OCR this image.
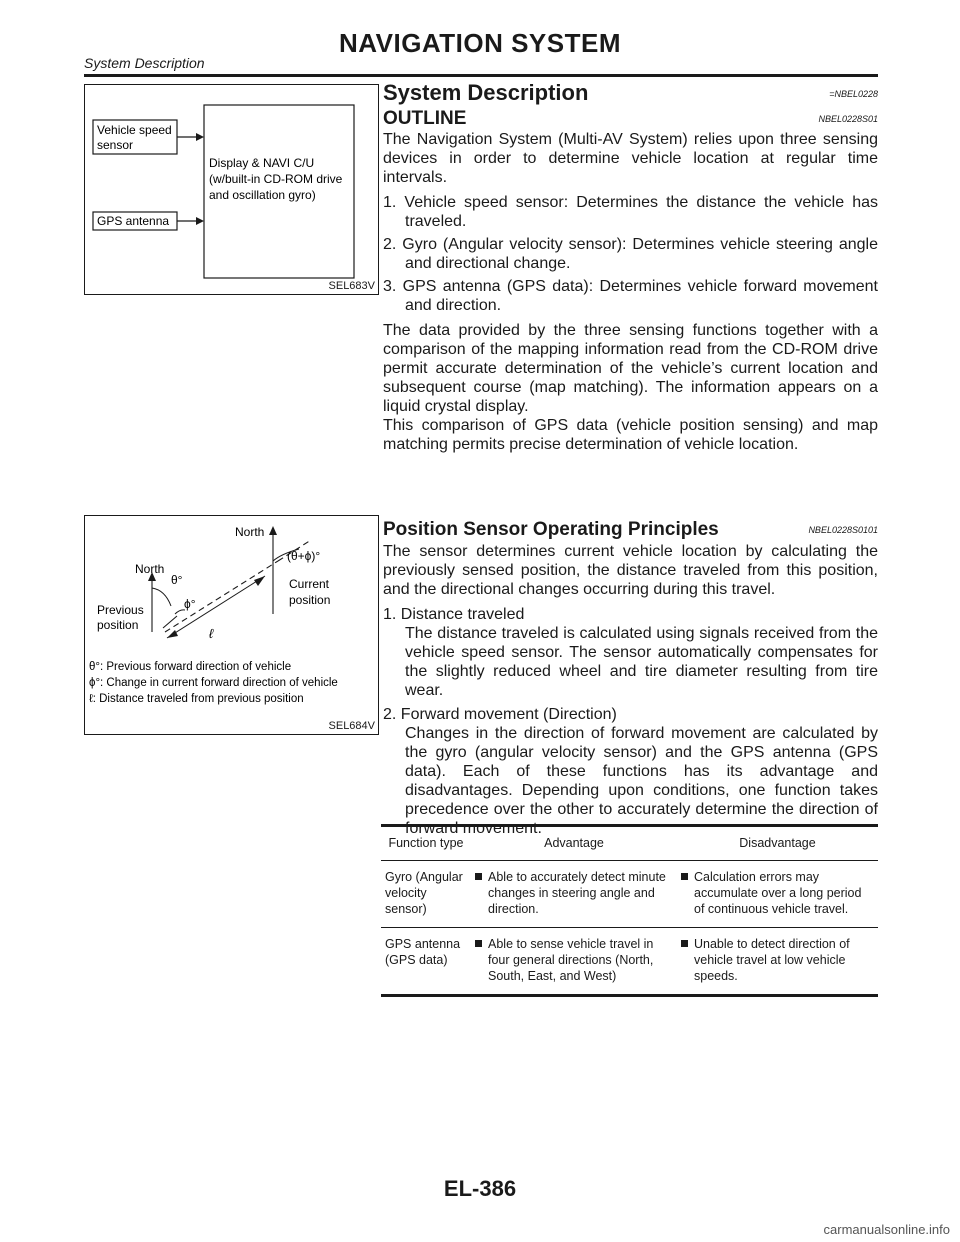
NAVIGATION SYSTEM
System Description
Vehicle speed
sensor
GPS antenna
Display & NAVI C/U
(w/built-in CD-ROM drive
and oscillation gyro)
SEL683V
North
North
θ°
ϕ°
(θ+ϕ)°
Current
position
Previous
position
ℓ
θ°: Previous forward direction of vehicle
ϕ°: Change in current forward direction of vehicle
ℓ: Distance traveled from previous position
SEL684V
System Description	=NBEL0228
OUTLINE	NBEL0228S01
The Navigation System (Multi-AV System) relies upon three sensing devices in order to determine vehicle location at regular time intervals.
1. Vehicle speed sensor: Determines the distance the vehicle has traveled.
2. Gyro (Angular velocity sensor): Determines vehicle steering angle and directional change.
3. GPS antenna (GPS data): Determines vehicle forward movement and direction.
The data provided by the three sensing functions together with a comparison of the mapping information read from the CD-ROM drive permit accurate determination of the vehicle’s current location and subsequent course (map matching). The information appears on a liquid crystal display.
This comparison of GPS data (vehicle position sensing) and map matching permits precise determination of vehicle location.
Position Sensor Operating Principles	NBEL0228S0101
The sensor determines current vehicle location by calculating the previously sensed position, the distance traveled from this position, and the directional changes occurring during this travel.
1. Distance traveled
The distance traveled is calculated using signals received from the vehicle speed sensor. The sensor automatically compensates for the slightly reduced wheel and tire diameter resulting from tire wear.
2. Forward movement (Direction)
Changes in the direction of forward movement are calculated by the gyro (angular velocity sensor) and the GPS antenna (GPS data). Each of these functions has its advantage and disadvantages. Depending upon conditions, one function takes precedence over the other to accurately determine the direction of forward movement.
Function type	Advantage	Disadvantage
Gyro (Angular velocity sensor)	Able to accurately detect minute changes in steering angle and direction.	Calculation errors may accumulate over a long period of continuous vehicle travel.

GPS antenna (GPS data)	Able to sense vehicle travel in four general directions (North, South, East, and West)	Unable to detect direction of vehicle travel at low vehicle speeds.
EL-386
carmanualsonline.info
